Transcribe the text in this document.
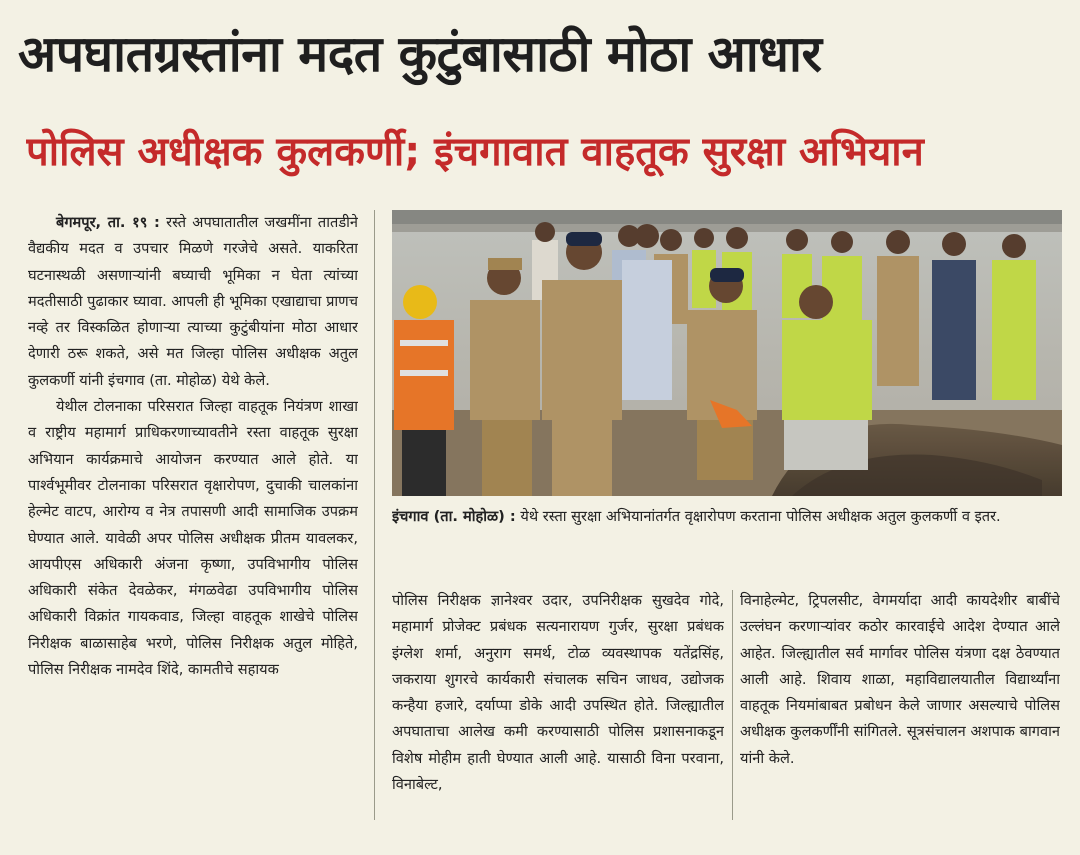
अपघातग्रस्तांना मदत कुटुंबासाठी मोठा आधार
पोलिस अधीक्षक कुलकर्णी; इंचगावात वाहतूक सुरक्षा अभियान

बेगमपूर, ता. १९ : रस्ते अपघातातील जखमींना तातडीने वैद्यकीय मदत व उपचार मिळणे गरजेचे असते. याकरिता घटनास्थळी असणाऱ्यांनी बघ्याची भूमिका न घेता त्यांच्या मदतीसाठी पुढाकार घ्यावा. आपली ही भूमिका एखाद्याचा प्राणच नव्हे तर विस्कळित होणाऱ्या त्याच्या कुटुंबीयांना मोठा आधार देणारी ठरू शकते, असे मत जिल्हा पोलिस अधीक्षक अतुल कुलकर्णी यांनी इंचगाव (ता. मोहोळ) येथे केले.

येथील टोलनाका परिसरात जिल्हा वाहतूक नियंत्रण शाखा व राष्ट्रीय महामार्ग प्राधिकरणाच्यावतीने रस्ता वाहतूक सुरक्षा अभियान कार्यक्रमाचे आयोजन करण्यात आले होते. या पार्श्वभूमीवर टोलनाका परिसरात वृक्षारोपण, दुचाकी चालकांना हेल्मेट वाटप, आरोग्य व नेत्र तपासणी आदी सामाजिक उपक्रम घेण्यात आले. यावेळी अपर पोलिस अधीक्षक प्रीतम यावलकर, आयपीएस अधिकारी अंजना कृष्णा, उपविभागीय पोलिस अधिकारी संकेत देवळेकर, मंगळवेढा उपविभागीय पोलिस अधिकारी विक्रांत गायकवाड, जिल्हा वाहतूक शाखेचे पोलिस निरीक्षक बाळासाहेब भरणे, पोलिस निरीक्षक अतुल मोहिते, पोलिस निरीक्षक नामदेव शिंदे, कामतीचे सहायक

इंचगाव (ता. मोहोळ) : येथे रस्ता सुरक्षा अभियानांतर्गत वृक्षारोपण करताना पोलिस अधीक्षक अतुल कुलकर्णी व इतर.

पोलिस निरीक्षक ज्ञानेश्वर उदार, उपनिरीक्षक सुखदेव गोदे, महामार्ग प्रोजेक्ट प्रबंधक सत्यनारायण गुर्जर, सुरक्षा प्रबंधक इंग्लेश शर्मा, अनुराग समर्थ, टोळ व्यवस्थापक यतेंद्रसिंह, जकराया शुगरचे कार्यकारी संचालक सचिन जाधव, उद्योजक कन्हैया हजारे, दर्याप्पा डोके आदी उपस्थित होते. जिल्ह्यातील अपघाताचा आलेख कमी करण्यासाठी पोलिस प्रशासनाकडून विशेष मोहीम हाती घेण्यात आली आहे. यासाठी विना परवाना, विनाबेल्ट,

विनाहेल्मेट, ट्रिपलसीट, वेगमर्यादा आदी कायदेशीर बाबींचे उल्लंघन करणाऱ्यांवर कठोर कारवाईचे आदेश देण्यात आले आहेत. जिल्ह्यातील सर्व मार्गावर पोलिस यंत्रणा दक्ष ठेवण्यात आली आहे. शिवाय शाळा, महाविद्यालयातील विद्यार्थ्यांना वाहतूक नियमांबाबत प्रबोधन केले जाणार असल्याचे पोलिस अधीक्षक कुलकर्णींनी सांगितले. सूत्रसंचालन अशपाक बागवान यांनी केले.
